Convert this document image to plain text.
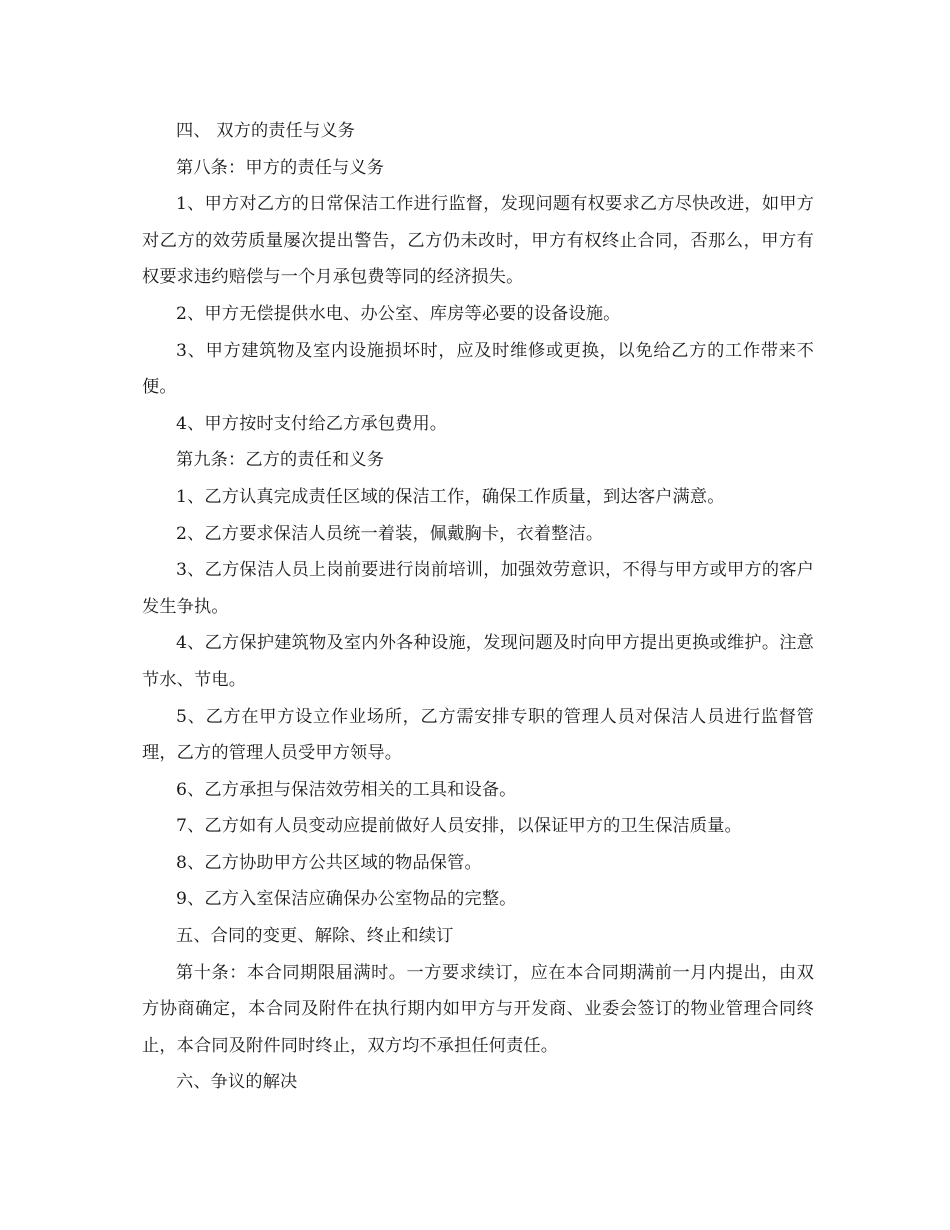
四、 双方的责任与义务

第八条：甲方的责任与义务

1、甲方对乙方的日常保洁工作进行监督，发现问题有权要求乙方尽快改进，如甲方对乙方的效劳质量屡次提出警告，乙方仍未改时，甲方有权终止合同，否那么，甲方有权要求违约赔偿与一个月承包费等同的经济损失。

2、甲方无偿提供水电、办公室、库房等必要的设备设施。

3、甲方建筑物及室内设施损坏时，应及时维修或更换，以免给乙方的工作带来不便。

4、甲方按时支付给乙方承包费用。

第九条：乙方的责任和义务

1、乙方认真完成责任区域的保洁工作，确保工作质量，到达客户满意。

2、乙方要求保洁人员统一着装，佩戴胸卡，衣着整洁。

3、乙方保洁人员上岗前要进行岗前培训，加强效劳意识，不得与甲方或甲方的客户发生争执。

4、乙方保护建筑物及室内外各种设施，发现问题及时向甲方提出更换或维护。注意节水、节电。

5、乙方在甲方设立作业场所，乙方需安排专职的管理人员对保洁人员进行监督管理，乙方的管理人员受甲方领导。

6、乙方承担与保洁效劳相关的工具和设备。

7、乙方如有人员变动应提前做好人员安排，以保证甲方的卫生保洁质量。

8、乙方协助甲方公共区域的物品保管。

9、乙方入室保洁应确保办公室物品的完整。

五、合同的变更、解除、终止和续订

第十条：本合同期限届满时。一方要求续订，应在本合同期满前一月内提出，由双方协商确定，本合同及附件在执行期内如甲方与开发商、业委会签订的物业管理合同终止，本合同及附件同时终止，双方均不承担任何责任。

六、争议的解决
